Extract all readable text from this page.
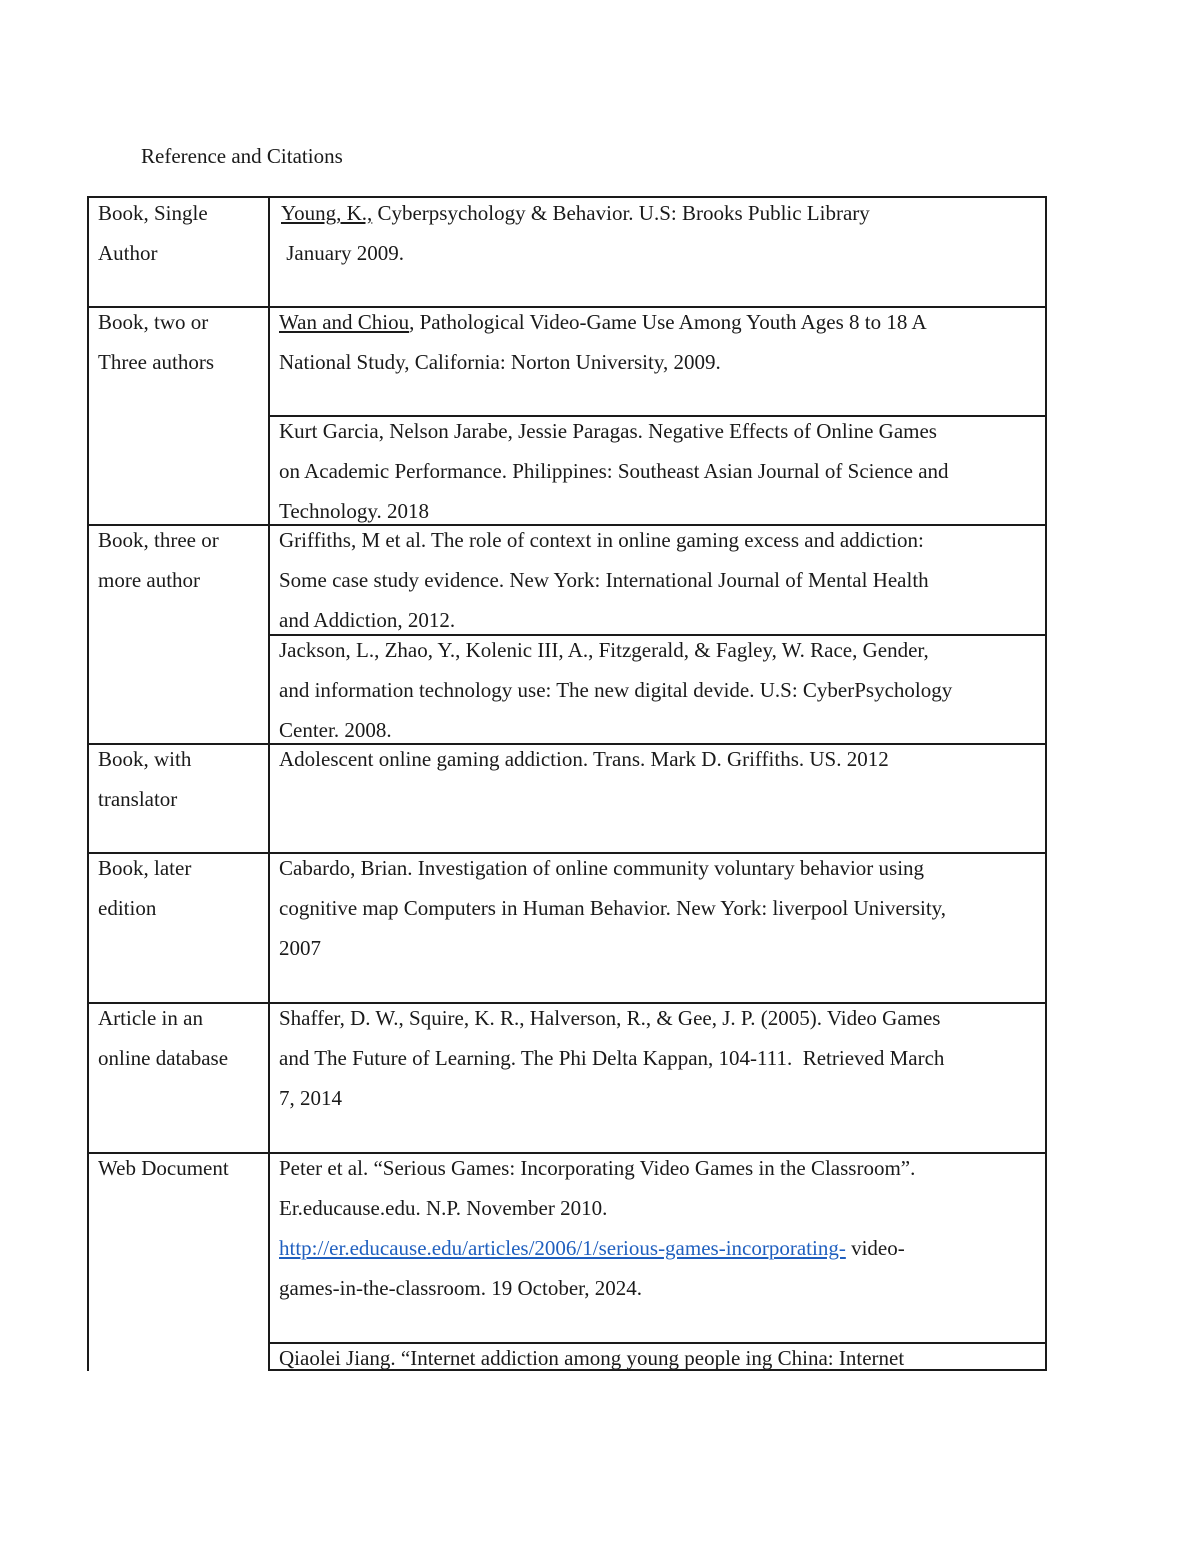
Reference and Citations
Book, Single
Author
Young, K., Cyberpsychology & Behavior. U.S: Brooks Public Library
January 2009.
Book, two or
Three authors
Wan and Chiou, Pathological Video-Game Use Among Youth Ages 8 to 18 A
National Study, California: Norton University, 2009.
Kurt Garcia, Nelson Jarabe, Jessie Paragas. Negative Effects of Online Games
on Academic Performance. Philippines: Southeast Asian Journal of Science and
Technology. 2018
Book, three or
more author
Griffiths, M et al. The role of context in online gaming excess and addiction:
Some case study evidence. New York: International Journal of Mental Health
and Addiction, 2012.
Jackson, L., Zhao, Y., Kolenic III, A., Fitzgerald, & Fagley, W. Race, Gender,
and information technology use: The new digital devide. U.S: CyberPsychology
Center. 2008.
Book, with
translator
Adolescent online gaming addiction. Trans. Mark D. Griffiths. US. 2012
Book, later
edition
Cabardo, Brian. Investigation of online community voluntary behavior using
cognitive map Computers in Human Behavior. New York: liverpool University,
2007
Article in an
online database
Shaffer, D. W., Squire, K. R., Halverson, R., & Gee, J. P. (2005). Video Games
and The Future of Learning. The Phi Delta Kappan, 104-111.  Retrieved March
7, 2014
Web Document Peter et al. “Serious Games: Incorporating Video Games in the Classroom”.
Er.educause.edu. N.P. November 2010.
http://er.educause.edu/articles/2006/1/serious-games-incorporating- video-
games-in-the-classroom. 19 October, 2024.
Qiaolei Jiang. “Internet addiction among young people ing China: Internet
